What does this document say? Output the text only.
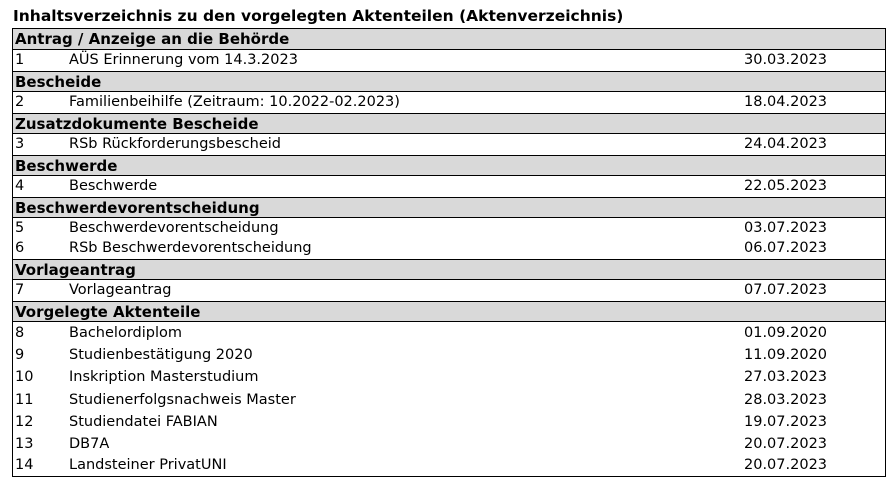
Inhaltsverzeichnis zu den vorgelegten Aktenteilen (Aktenverzeichnis)
Antrag / Anzeige an die Behörde
1	AÜS Erinnerung vom 14.3.2023	30.03.2023
Bescheide
2	Familienbeihilfe (Zeitraum: 10.2022-02.2023)	18.04.2023
Zusatzdokumente Bescheide
3	RSb Rückforderungsbescheid	24.04.2023
Beschwerde
4	Beschwerde	22.05.2023
Beschwerdevorentscheidung
5	Beschwerdevorentscheidung	03.07.2023
6	RSb Beschwerdevorentscheidung	06.07.2023
Vorlageantrag
7	Vorlageantrag	07.07.2023
Vorgelegte Aktenteile
8	Bachelordiplom	01.09.2020
9	Studienbestätigung 2020	11.09.2020
10 Inskription Masterstudium	27.03.2023
11 Studienerfolgsnachweis Master	28.03.2023
12 Studiendatei FABIAN	19.07.2023
13 DB7A	20.07.2023
14 Landsteiner PrivatUNI	20.07.2023
